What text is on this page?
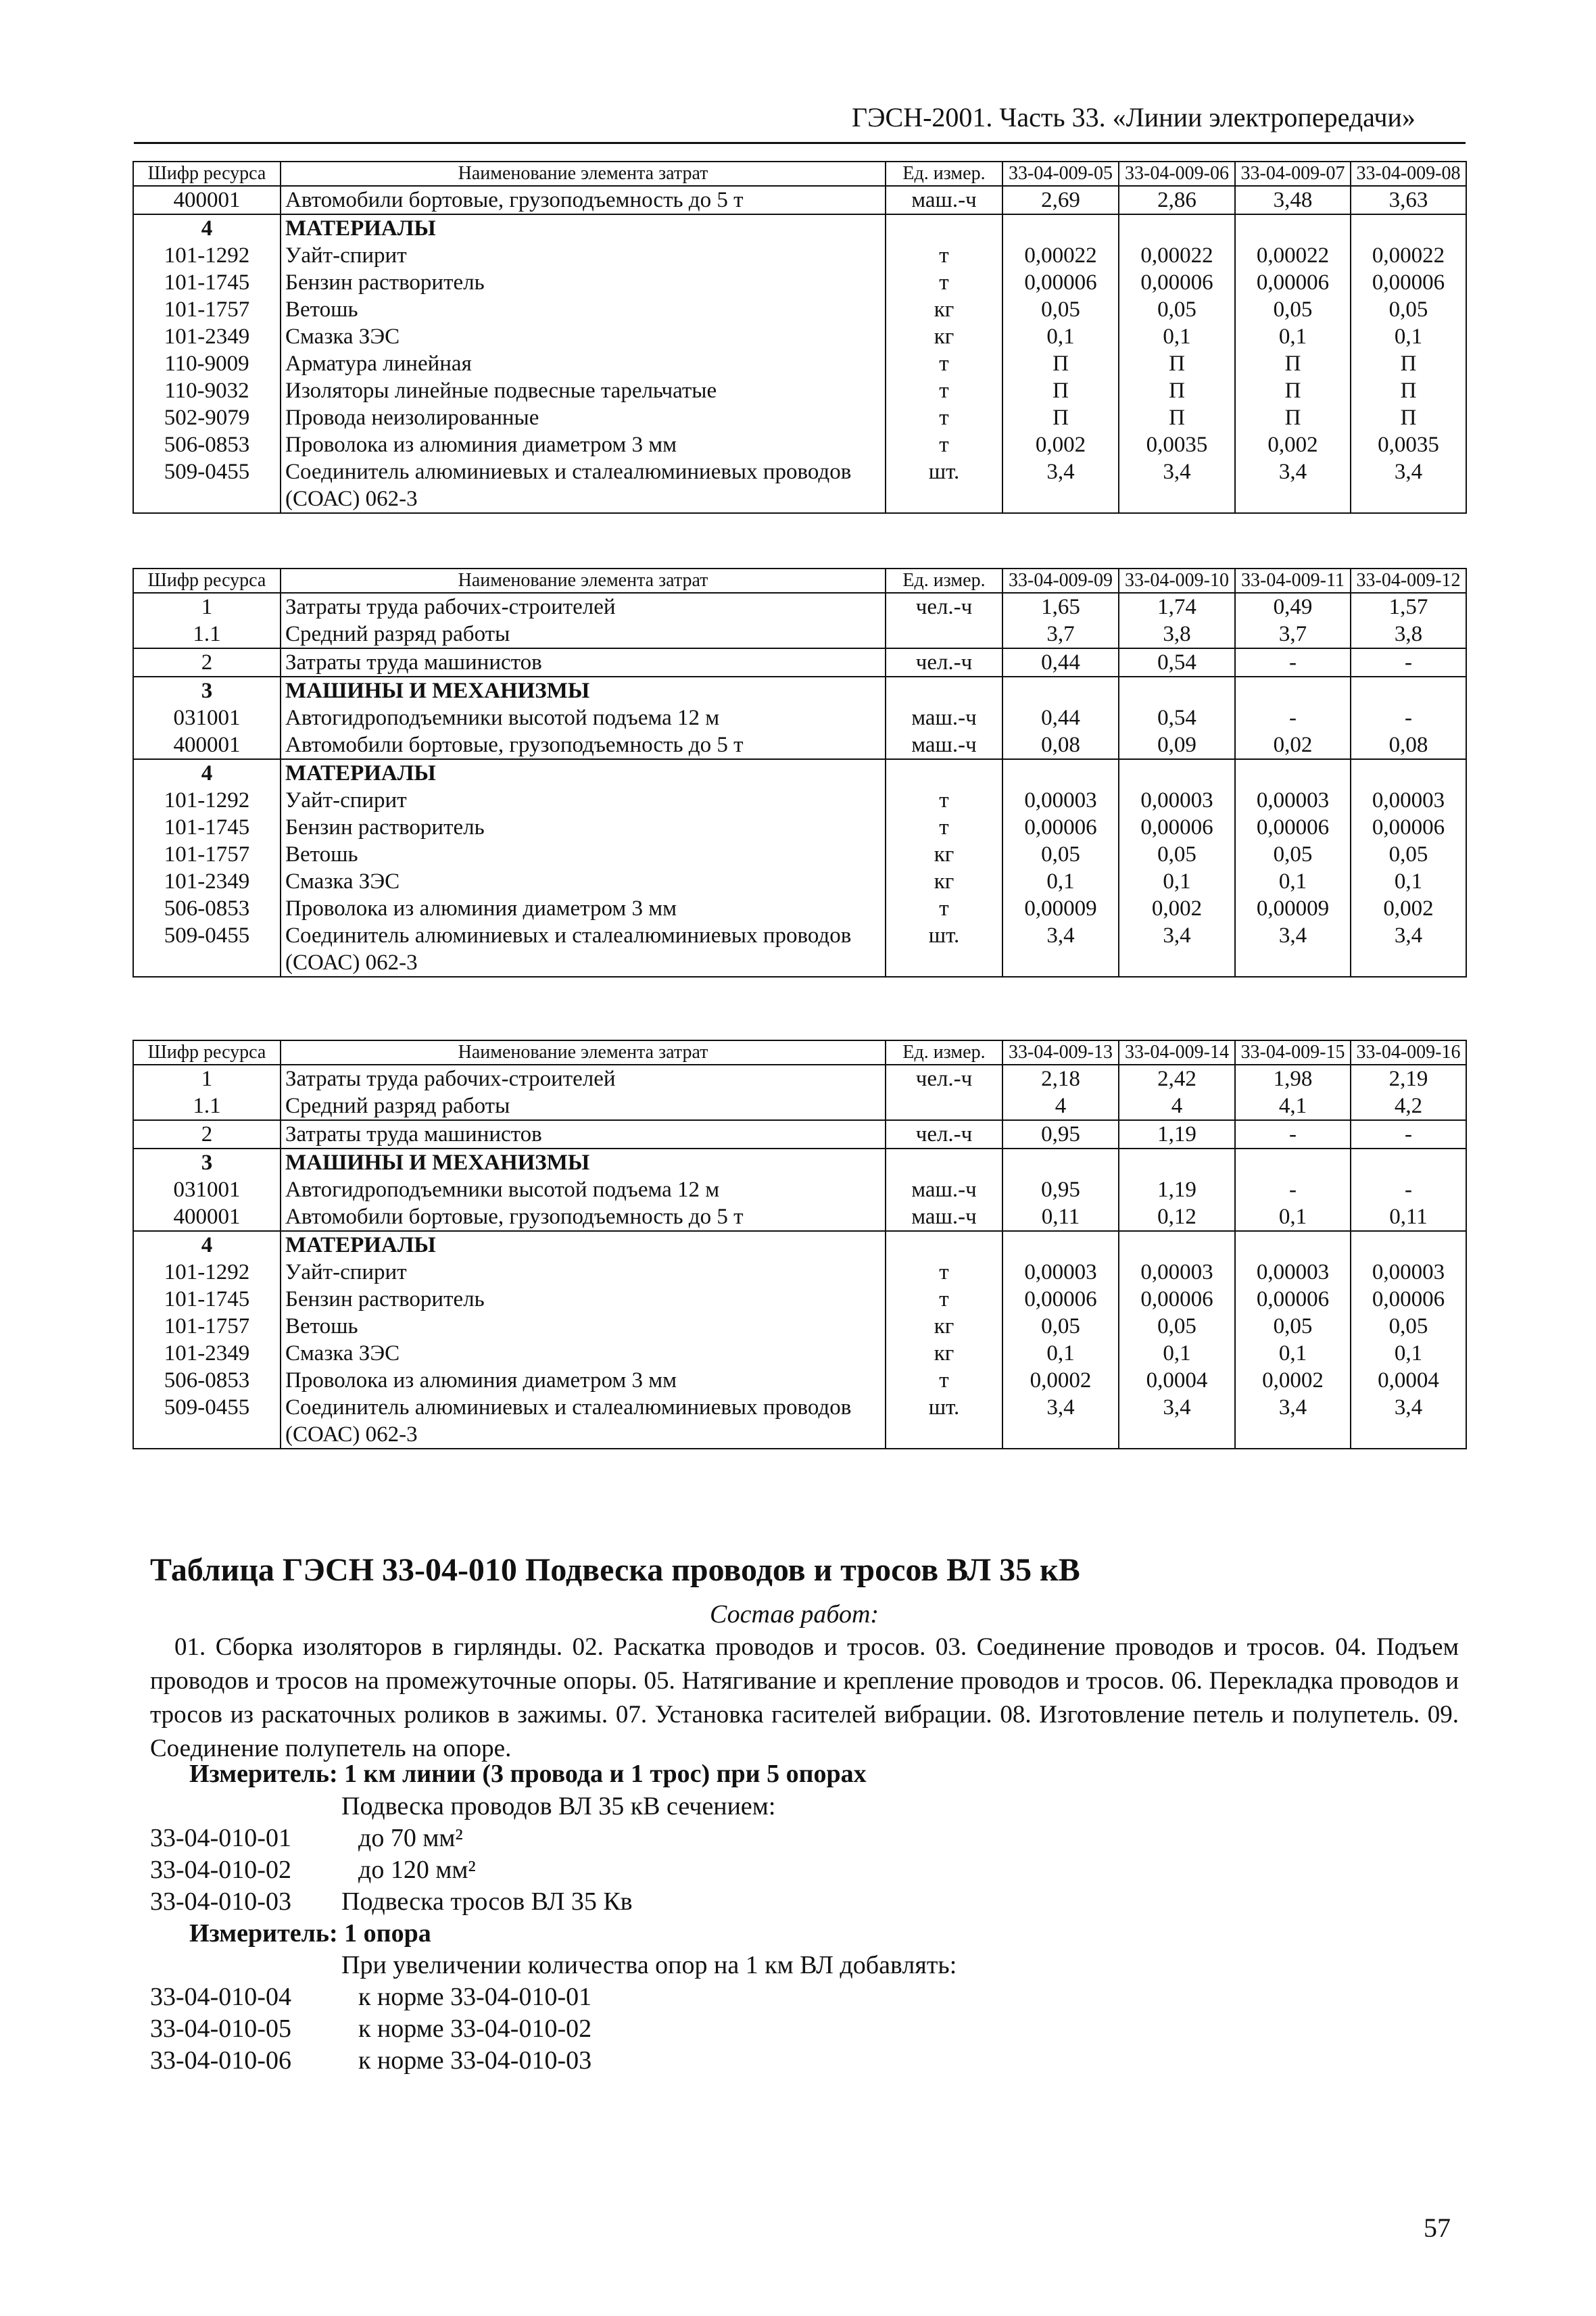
ГЭСН-2001. Часть 33. «Линии электропередачи»
Шифр ресурса	Наименование элемента затрат	Ед. измер.	33-04-009-05	33-04-009-06	33-04-009-07	33-04-009-08
400001	Автомобили бортовые, грузоподъемность до 5 т	маш.-ч	2,69	2,86	3,48	3,63
4	МАТЕРИАЛЫ					
101-1292	Уайт-спирит	т	0,00022	0,00022	0,00022	0,00022
101-1745	Бензин растворитель	т	0,00006	0,00006	0,00006	0,00006
101-1757	Ветошь	кг	0,05	0,05	0,05	0,05
101-2349	Смазка ЗЭС	кг	0,1	0,1	0,1	0,1
110-9009	Арматура линейная	т	П	П	П	П
110-9032	Изоляторы линейные подвесные тарельчатые	т	П	П	П	П
502-9079	Провода неизолированные	т	П	П	П	П
506-0853	Проволока из алюминия диаметром 3 мм	т	0,002	0,0035	0,002	0,0035
509-0455	Соединитель алюминиевых и сталеалюминиевых проводов (СОАС) 062-3	шт.	3,4	3,4	3,4	3,4
Шифр ресурса	Наименование элемента затрат	Ед. измер.	33-04-009-09	33-04-009-10	33-04-009-11	33-04-009-12
1	Затраты труда рабочих-строителей	чел.-ч	1,65	1,74	0,49	1,57
1.1	Средний разряд работы		3,7	3,8	3,7	3,8
2	Затраты труда машинистов	чел.-ч	0,44	0,54	-	-
3	МАШИНЫ И МЕХАНИЗМЫ					
031001	Автогидроподъемники высотой подъема 12 м	маш.-ч	0,44	0,54	-	-
400001	Автомобили бортовые, грузоподъемность до 5 т	маш.-ч	0,08	0,09	0,02	0,08
4	МАТЕРИАЛЫ					
101-1292	Уайт-спирит	т	0,00003	0,00003	0,00003	0,00003
101-1745	Бензин растворитель	т	0,00006	0,00006	0,00006	0,00006
101-1757	Ветошь	кг	0,05	0,05	0,05	0,05
101-2349	Смазка ЗЭС	кг	0,1	0,1	0,1	0,1
506-0853	Проволока из алюминия диаметром 3 мм	т	0,00009	0,002	0,00009	0,002
509-0455	Соединитель алюминиевых и сталеалюминиевых проводов (СОАС) 062-3	шт.	3,4	3,4	3,4	3,4
Шифр ресурса	Наименование элемента затрат	Ед. измер.	33-04-009-13	33-04-009-14	33-04-009-15	33-04-009-16
1	Затраты труда рабочих-строителей	чел.-ч	2,18	2,42	1,98	2,19
1.1	Средний разряд работы		4	4	4,1	4,2
2	Затраты труда машинистов	чел.-ч	0,95	1,19	-	-
3	МАШИНЫ И МЕХАНИЗМЫ					
031001	Автогидроподъемники высотой подъема 12 м	маш.-ч	0,95	1,19	-	-
400001	Автомобили бортовые, грузоподъемность до 5 т	маш.-ч	0,11	0,12	0,1	0,11
4	МАТЕРИАЛЫ					
101-1292	Уайт-спирит	т	0,00003	0,00003	0,00003	0,00003
101-1745	Бензин растворитель	т	0,00006	0,00006	0,00006	0,00006
101-1757	Ветошь	кг	0,05	0,05	0,05	0,05
101-2349	Смазка ЗЭС	кг	0,1	0,1	0,1	0,1
506-0853	Проволока из алюминия диаметром 3 мм	т	0,0002	0,0004	0,0002	0,0004
509-0455	Соединитель алюминиевых и сталеалюминиевых проводов (СОАС) 062-3	шт.	3,4	3,4	3,4	3,4
Таблица ГЭСН 33-04-010 Подвеска проводов и тросов ВЛ 35 кВ
Состав работ:
01. Сборка изоляторов в гирлянды. 02. Раскатка проводов и тросов. 03. Соединение проводов и тросов. 04. Подъем проводов и тросов на промежуточные опоры. 05. Натягивание и крепление проводов и тросов. 06. Перекладка проводов и тросов из раскаточных роликов в зажимы. 07. Установка гасителей вибрации. 08. Изготовление петель и полупетель. 09. Соединение полупетель на опоре.
Измеритель: 1 км линии (3 провода и 1 трос) при 5 опорах
Подвеска проводов ВЛ 35 кВ сечением:
33-04-010-01	до 70 мм²
33-04-010-02	до 120 мм²
33-04-010-03 Подвеска тросов ВЛ 35 Кв
Измеритель: 1 опора
При увеличении количества опор на 1 км ВЛ добавлять:
33-04-010-04	к норме 33-04-010-01
33-04-010-05	к норме 33-04-010-02
33-04-010-06	к норме 33-04-010-03
57
